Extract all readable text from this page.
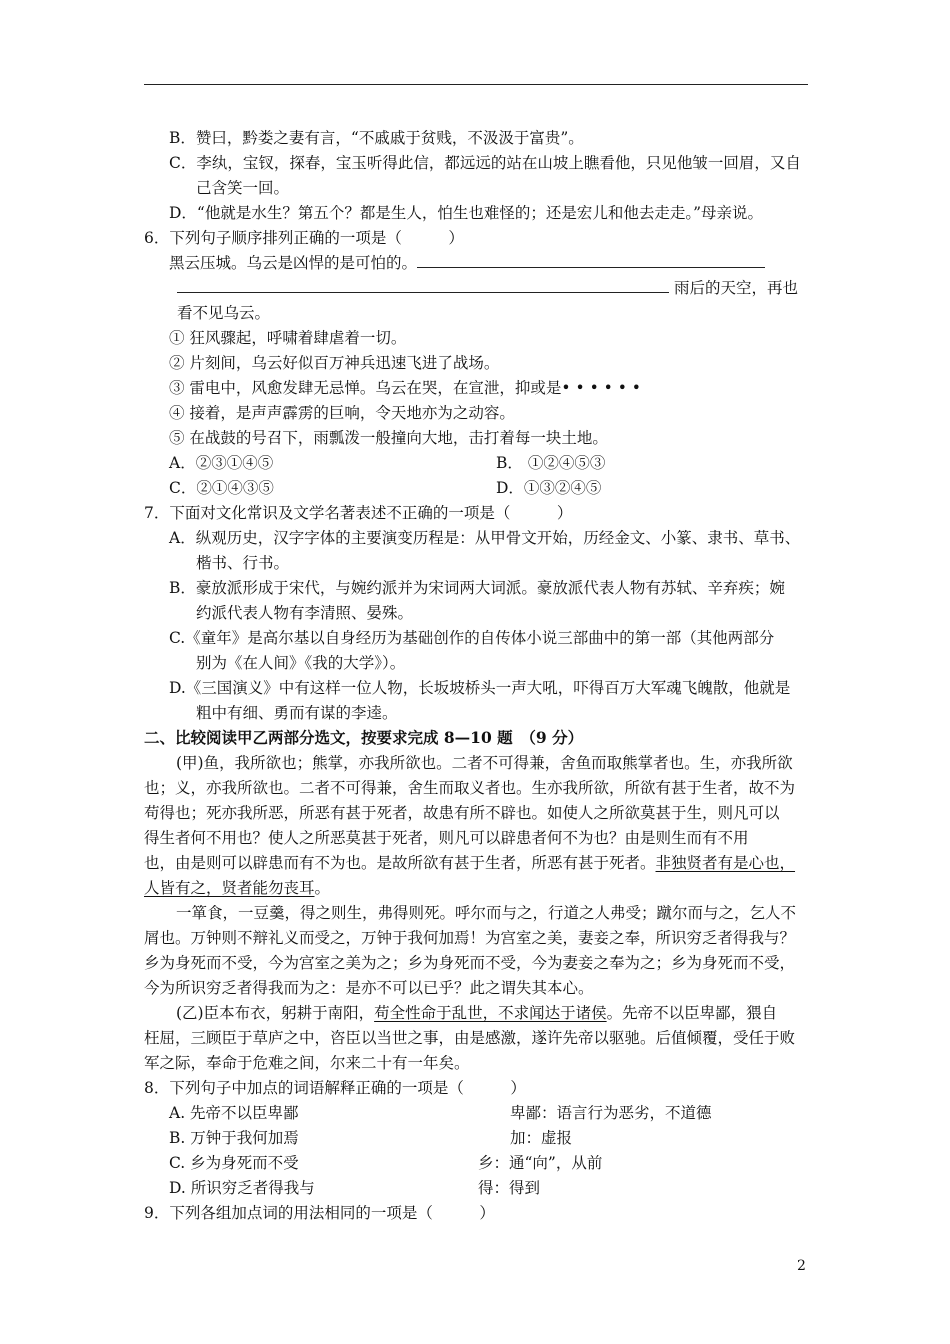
B．赞曰，黔娄之妻有言，“不戚戚于贫贱，不汲汲于富贵”。
C．李纨，宝钗，探春，宝玉听得此信，都远远的站在山坡上瞧看他，只见他皱一回眉，又自
己含笑一回。
D．“他就是水生？第五个？都是生人，怕生也难怪的；还是宏儿和他去走走。”母亲说。
6．下列句子顺序排列正确的一项是（　　　）
黑云压城。乌云是凶悍的是可怕的。
雨后的天空，再也
看不见乌云。
① 狂风骤起，呼啸着肆虐着一切。
② 片刻间，乌云好似百万神兵迅速飞进了战场。
③ 雷电中，风愈发肆无忌惮。乌云在哭，在宣泄，抑或是• • • • • •
④ 接着，是声声霹雳的巨响，令天地亦为之动容。
⑤ 在战鼓的号召下，雨瓢泼一般撞向大地，击打着每一块土地。
A．②③①④⑤	B． ①②④⑤③
C．②①④③⑤	D．①③②④⑤
7．下面对文化常识及文学名著表述不正确的一项是（　　　）
A．纵观历史，汉字字体的主要演变历程是：从甲骨文开始，历经金文、小篆、隶书、草书、
楷书、行书。
B．豪放派形成于宋代，与婉约派并为宋词两大词派。豪放派代表人物有苏轼、辛弃疾；婉
约派代表人物有李清照、晏殊。
C.《童年》是高尔基以自身经历为基础创作的自传体小说三部曲中的第一部（其他两部分
别为《在人间》《我的大学》）。
D.《三国演义》中有这样一位人物，长坂坡桥头一声大吼，吓得百万大军魂飞魄散，他就是
粗中有细、勇而有谋的李逵。
二、比较阅读甲乙两部分选文，按要求完成 8—10 题　（9 分）
(甲)鱼，我所欲也；熊掌，亦我所欲也。二者不可得兼，舍鱼而取熊掌者也。生，亦我所欲
也；义，亦我所欲也。二者不可得兼，舍生而取义者也。生亦我所欲，所欲有甚于生者，故不为
苟得也；死亦我所恶，所恶有甚于死者，故患有所不辟也。如使人之所欲莫甚于生，则凡可以
得生者何不用也？使人之所恶莫甚于死者，则凡可以辟患者何不为也？由是则生而有不用
也，由是则可以辟患而有不为也。是故所欲有甚于生者，所恶有甚于死者。非独贤者有是心也，
人皆有之，贤者能勿丧耳。
一箪食，一豆羹，得之则生，弗得则死。呼尔而与之，行道之人弗受；蹴尔而与之，乞人不
屑也。万钟则不辩礼义而受之，万钟于我何加焉！为宫室之美，妻妾之奉，所识穷乏者得我与？
乡为身死而不受，今为宫室之美为之；乡为身死而不受，今为妻妾之奉为之；乡为身死而不受，
今为所识穷乏者得我而为之：是亦不可以已乎？此之谓失其本心。
(乙)臣本布衣，躬耕于南阳，苟全性命于乱世，不求闻达于诸侯。先帝不以臣卑鄙，猥自
枉屈，三顾臣于草庐之中，咨臣以当世之事，由是感激，遂许先帝以驱驰。后值倾覆，受任于败
军之际，奉命于危难之间，尔来二十有一年矣。
8．下列句子中加点的词语解释正确的一项是（　　　）
A. 先帝不以臣卑鄙	卑鄙：语言行为恶劣，不道德
B. 万钟于我何加焉	加：虚报
C. 乡为身死而不受	乡：通“向”，从前
D. 所识穷乏者得我与	得：得到
9．下列各组加点词的用法相同的一项是（　　　）
2
